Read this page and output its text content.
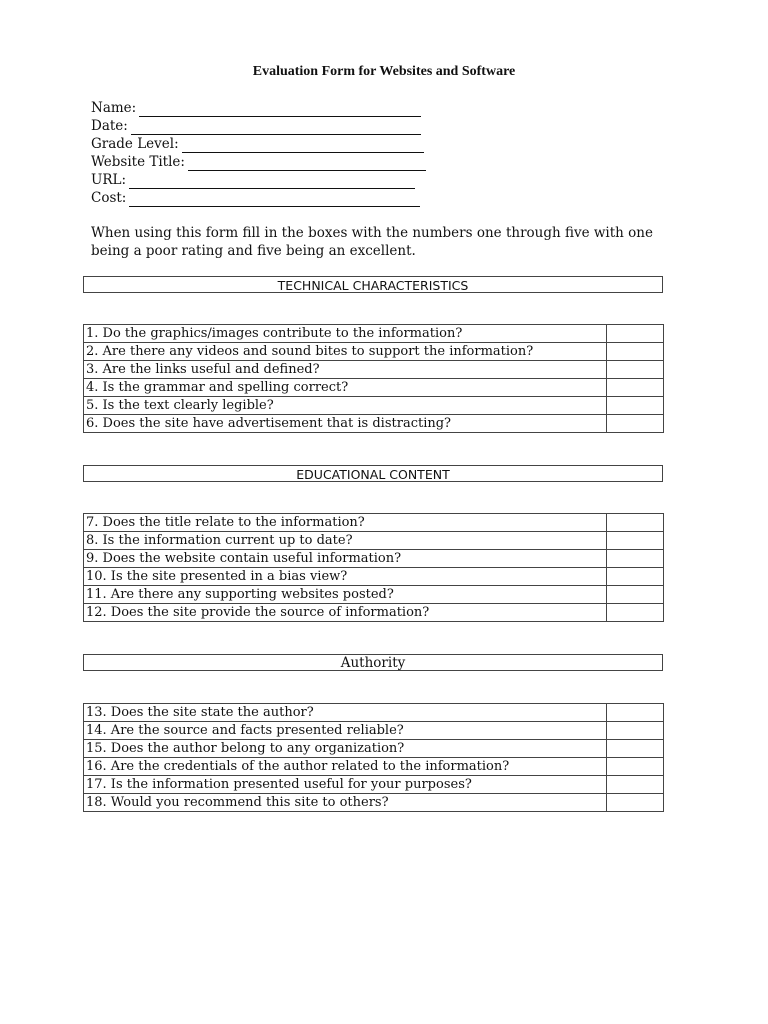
Evaluation Form for Websites and Software
Name:
Date:
Grade Level:
Website Title:
URL:
Cost:
When using this form fill in the boxes with the numbers one through five with one being a poor rating and five being an excellent.
TECHNICAL CHARACTERISTICS
1. Do the graphics/images contribute to the information?	
2. Are there any videos and sound bites to support the information?	
3. Are the links useful and defined?	
4. Is the grammar and spelling correct?	
5. Is the text clearly legible?	
6. Does the site have advertisement that is distracting?	
EDUCATIONAL CONTENT
7. Does the title relate to the information?	
8. Is the information current up to date?	
9. Does the website contain useful information?	
10. Is the site presented in a bias view?	
11. Are there any supporting websites posted?	
12. Does the site provide the source of information?	
Authority
13. Does the site state the author?	
14. Are the source and facts presented reliable?	
15. Does the author belong to any organization?	
16. Are the credentials of the author related to the information?	
17. Is the information presented useful for your purposes?	
18. Would you recommend this site to others?	
